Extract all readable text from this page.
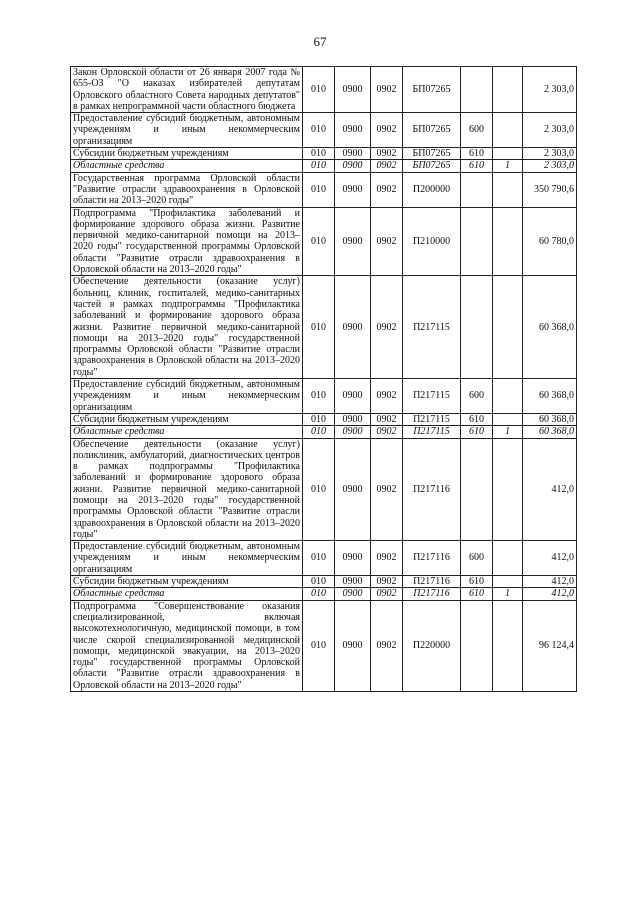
67
Закон Орловской области от 26 января 2007 года № 655-ОЗ "О наказах избирателей депутатам Орловского областного Совета народных депутатов" в рамках непрограммной части областного бюджета	010	0900	0902	БП07265			2 303,0
Предоставление субсидий бюджетным, автономным учреждениям и иным некоммерческим организациям	010	0900	0902	БП07265	600		2 303,0
Субсидии бюджетным учреждениям	010	0900	0902	БП07265	610		2 303,0
Областные средства	010	0900	0902	БП07265	610	1	2 303,0
Государственная программа Орловской области "Развитие отрасли здравоохранения в Орловской области на 2013–2020 годы"	010	0900	0902	П200000			350 790,6
Подпрограмма "Профилактика заболеваний и формирование здорового образа жизни. Развитие первичной медико-санитарной помощи на 2013–2020 годы" государственной программы Орловской области "Развитие отрасли здравоохранения в Орловской области на 2013–2020 годы"	010	0900	0902	П210000			60 780,0
Обеспечение деятельности (оказание услуг) больниц, клиник, госпиталей, медико-санитарных частей в рамках подпрограммы "Профилактика заболеваний и формирование здорового образа жизни. Развитие первичной медико-санитарной помощи на 2013–2020 годы" государственной программы Орловской области "Развитие отрасли здравоохранения в Орловской области на 2013–2020 годы"	010	0900	0902	П217115			60 368,0
Предоставление субсидий бюджетным, автономным учреждениям и иным некоммерческим организациям	010	0900	0902	П217115	600		60 368,0
Субсидии бюджетным учреждениям	010	0900	0902	П217115	610		60 368,0
Областные средства	010	0900	0902	П217115	610	1	60 368,0
Обеспечение деятельности (оказание услуг) поликлиник, амбулаторий, диагностических центров в рамках подпрограммы "Профилактика заболеваний и формирование здорового образа жизни. Развитие первичной медико-санитарной помощи на 2013–2020 годы" государственной программы Орловской области "Развитие отрасли здравоохранения в Орловской области на 2013–2020 годы"	010	0900	0902	П217116			412,0
Предоставление субсидий бюджетным, автономным учреждениям и иным некоммерческим организациям	010	0900	0902	П217116	600		412,0
Субсидии бюджетным учреждениям	010	0900	0902	П217116	610		412,0
Областные средства	010	0900	0902	П217116	610	1	412,0
Подпрограмма "Совершенствование оказания специализированной, включая высокотехнологичную, медицинской помощи, в том числе скорой специализированной медицинской помощи, медицинской эвакуации, на 2013–2020 годы" государственной программы Орловской области "Развитие отрасли здравоохранения в Орловской области на 2013–2020 годы"	010	0900	0902	П220000			96 124,4
